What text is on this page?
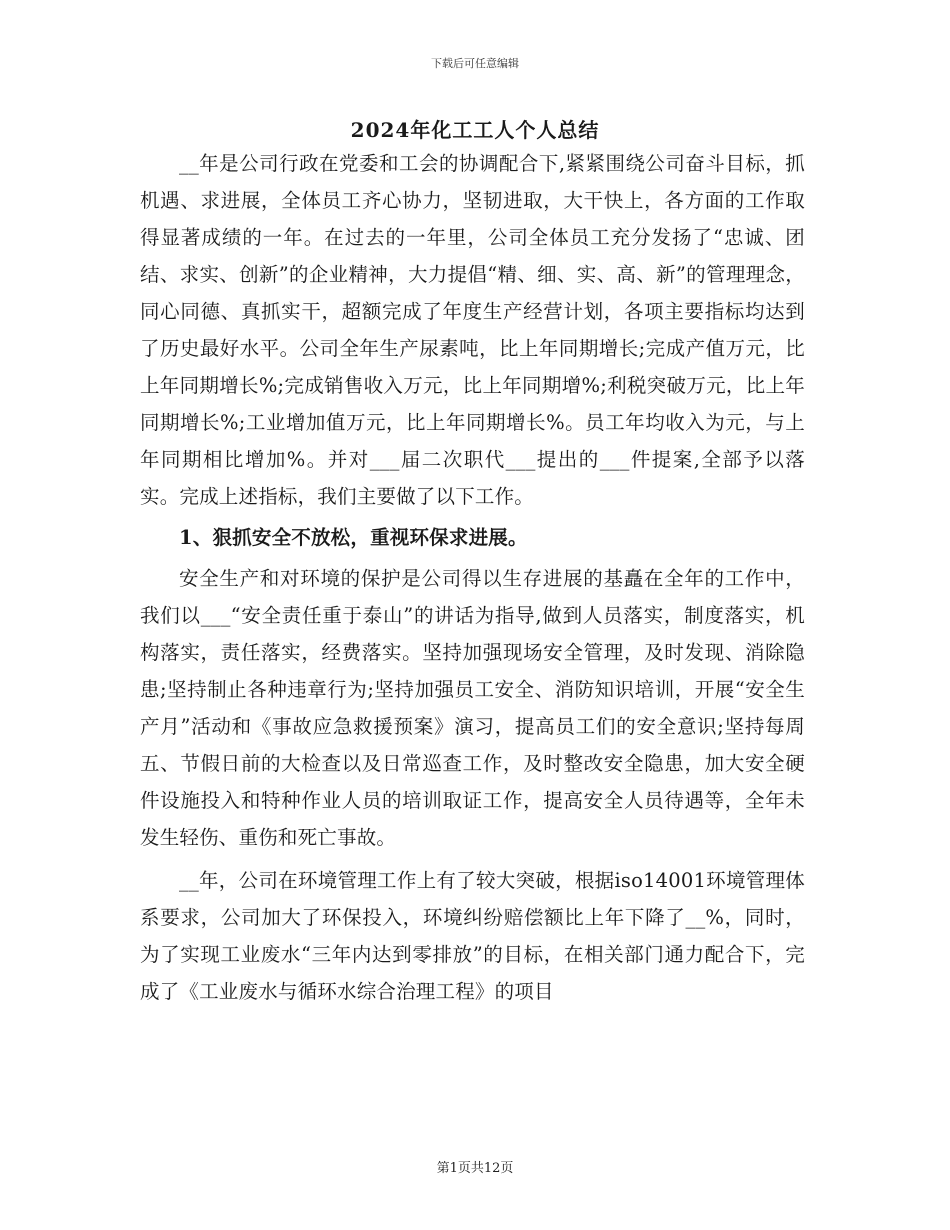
下载后可任意编辑
2024年化工工人个人总结

__年是公司行政在党委和工会的协调配合下,紧紧围绕公司奋斗目标，抓机遇、求进展，全体员工齐心协力，坚韧进取，大干快上，各方面的工作取得显著成绩的一年。在过去的一年里，公司全体员工充分发扬了“忠诚、团结、求实、创新”的企业精神，大力提倡“精、细、实、高、新”的管理理念，同心同德、真抓实干，超额完成了年度生产经营计划，各项主要指标均达到了历史最好水平。公司全年生产尿素吨，比上年同期增长;完成产值万元，比上年同期增长%;完成销售收入万元，比上年同期增%;利税突破万元，比上年同期增长%;工业增加值万元，比上年同期增长%。员工年均收入为元，与上年同期相比增加%。并对___届二次职代___提出的___件提案,全部予以落实。完成上述指标，我们主要做了以下工作。

1、狠抓安全不放松，重视环保求进展。

安全生产和对环境的保护是公司得以生存进展的基矗在全年的工作中，我们以___“安全责任重于泰山”的讲话为指导,做到人员落实，制度落实，机构落实，责任落实，经费落实。坚持加强现场安全管理，及时发现、消除隐患;坚持制止各种违章行为;坚持加强员工安全、消防知识培训，开展“安全生产月”活动和《事故应急救援预案》演习，提高员工们的安全意识;坚持每周五、节假日前的大检查以及日常巡查工作，及时整改安全隐患，加大安全硬件设施投入和特种作业人员的培训取证工作，提高安全人员待遇等，全年未发生轻伤、重伤和死亡事故。

__年，公司在环境管理工作上有了较大突破，根据iso14001环境管理体系要求，公司加大了环保投入，环境纠纷赔偿额比上年下降了__%，同时，为了实现工业废水“三年内达到零排放”的目标，在相关部门通力配合下，完成了《工业废水与循环水综合治理工程》的项目

第1页共12页
